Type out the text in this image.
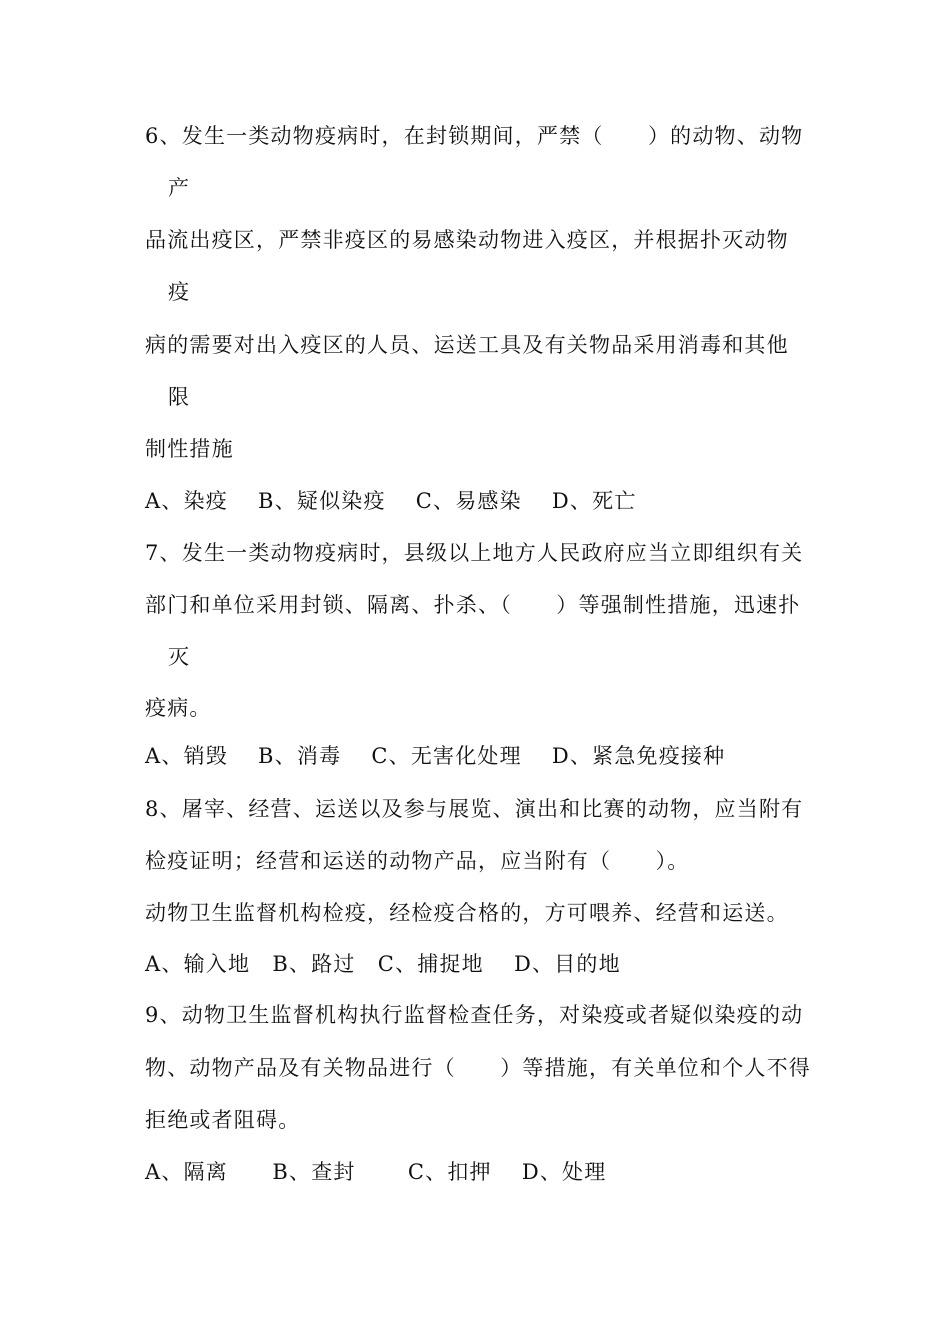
6、发生一类动物疫病时，在封锁期间，严禁（　　）的动物、动物
产
品流出疫区，严禁非疫区的易感染动物进入疫区，并根据扑灭动物
疫
病的需要对出入疫区的人员、运送工具及有关物品采用消毒和其他
限
制性措施
A、染疫　 B、疑似染疫　 C、易感染　 D、死亡
7、发生一类动物疫病时，县级以上地方人民政府应当立即组织有关
部门和单位采用封锁、隔离、扑杀、（　　）等强制性措施，迅速扑
灭
疫病。
A、销毁　 B、消毒　 C、无害化处理　 D、紧急免疫接种
8、屠宰、经营、运送以及参与展览、演出和比赛的动物，应当附有
检疫证明；经营和运送的动物产品，应当附有（　　）。
动物卫生监督机构检疫，经检疫合格的，方可喂养、经营和运送。
A、输入地　B、路过　C、捕捉地　 D、目的地
9、动物卫生监督机构执行监督检查任务，对染疫或者疑似染疫的动
物、动物产品及有关物品进行（　　）等措施，有关单位和个人不得
拒绝或者阻碍。
A、隔离　　B、查封　　 C、扣押　 D、处理
